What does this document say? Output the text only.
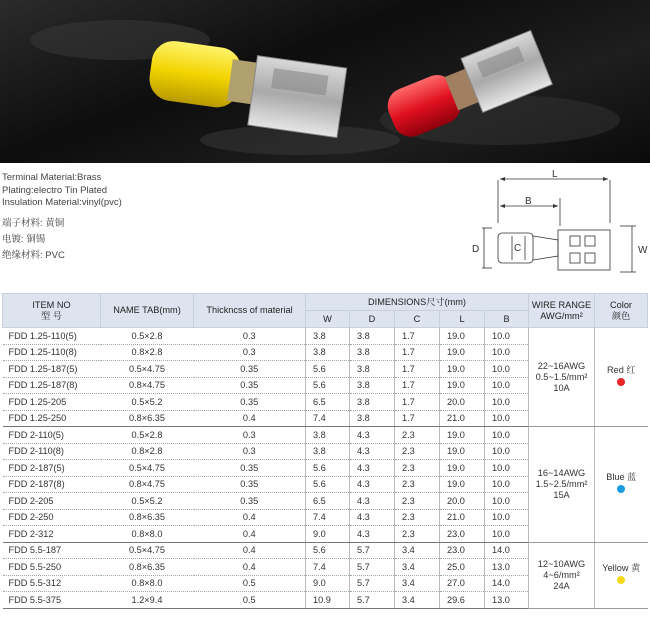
Terminal Material:Brass
Plating:electro Tin Plated
Insulation Material:vinyl(pvc)
端子材料: 黄铜
电镀: 铜锡
绝缘材料: PVC
L
B
C
D	W
ITEM NO
型 号	NAME TAB(mm)	Thickncss of material	DIMENSIONS尺寸(mm)					WIRE RANGE
AWG/mm²	Color
颜色
			W	D	C	L	B		
FDD 1.25-110(5)	0.5×2.8	0.3	3.8	3.8	1.7	19.0	10.0	22~16AWG
0.5~1.5/mm²
10A	Red 红

FDD 1.25-110(8)	0.8×2.8	0.3	3.8	3.8	1.7	19.0	10.0		
FDD 1.25-187(5)	0.5×4.75	0.35	5.6	3.8	1.7	19.0	10.0		
FDD 1.25-187(8)	0.8×4.75	0.35	5.6	3.8	1.7	19.0	10.0		
FDD 1.25-205	0.5×5.2	0.35	6.5	3.8	1.7	20.0	10.0		
FDD 1.25-250	0.8×6.35	0.4	7.4	3.8	1.7	21.0	10.0		
FDD 2-110(5)	0.5×2.8	0.3	3.8	4.3	2.3	19.0	10.0	16~14AWG
1.5~2.5/mm²
15A	Blue 蓝

FDD 2-110(8)	0.8×2.8	0.3	3.8	4.3	2.3	19.0	10.0		
FDD 2-187(5)	0.5×4.75	0.35	5.6	4.3	2.3	19.0	10.0		
FDD 2-187(8)	0.8×4.75	0.35	5.6	4.3	2.3	19.0	10.0		
FDD 2-205	0.5×5.2	0.35	6.5	4.3	2.3	20.0	10.0		
FDD 2-250	0.8×6.35	0.4	7.4	4.3	2.3	21.0	10.0		
FDD 2-312	0.8×8.0	0.4	9.0	4.3	2.3	23.0	10.0		
FDD 5.5-187	0.5×4.75	0.4	5.6	5.7	3.4	23.0	14.0	12~10AWG
4~6/mm²
24A	Yellow 黄

FDD 5.5-250	0.8×6.35	0.4	7.4	5.7	3.4	25.0	13.0		
FDD 5.5-312	0.8×8.0	0.5	9.0	5.7	3.4	27.0	14.0		
FDD 5.5-375	1.2×9.4	0.5	10.9	5.7	3.4	29.6	13.0		
